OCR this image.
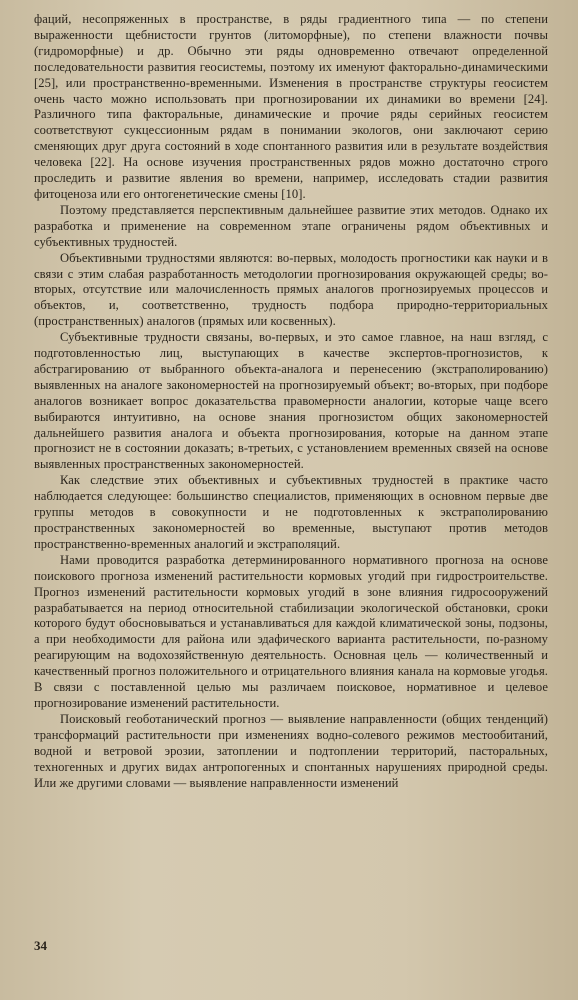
фаций, несопряженных в пространстве, в ряды градиентного типа — по степени выраженности щебнистости грунтов (литоморфные), по степени влажности почвы (гидроморфные) и др. Обычно эти ряды одновременно отвечают определенной последовательности развития геосистемы, поэтому их именуют факторально-динамическими [25], или пространственно-временными. Изменения в пространстве структуры геосистем очень часто можно использовать при прогнозировании их динамики во времени [24]. Различного типа факторальные, динамические и прочие ряды серийных геосистем соответствуют сукцессионным рядам в понимании экологов, они заключают серию сменяющих друг друга состояний в ходе спонтанного развития или в результате воздействия человека [22]. На основе изучения пространственных рядов можно достаточно строго проследить и развитие явления во времени, например, исследовать стадии развития фитоценоза или его онтогенетические смены [10].

Поэтому представляется перспективным дальнейшее развитие этих методов. Однако их разработка и применение на современном этапе ограничены рядом объективных и субъективных трудностей.

Объективными трудностями являются: во-первых, молодость прогностики как науки и в связи с этим слабая разработанность методологии прогнозирования окружающей среды; во-вторых, отсутствие или малочисленность прямых аналогов прогнозируемых процессов и объектов, и, соответственно, трудность подбора природно-территориальных (пространственных) аналогов (прямых или косвенных).

Субъективные трудности связаны, во-первых, и это самое главное, на наш взгляд, с подготовленностью лиц, выступающих в качестве экспертов-прогнозистов, к абстрагированию от выбранного объекта-аналога и перенесению (экстраполированию) выявленных на аналоге закономерностей на прогнозируемый объект; во-вторых, при подборе аналогов возникает вопрос доказательства правомерности аналогии, которые чаще всего выбираются интуитивно, на основе знания прогнозистом общих закономерностей дальнейшего развития аналога и объекта прогнозирования, которые на данном этапе прогнозист не в состоянии доказать; в-третьих, с установлением временных связей на основе выявленных пространственных закономерностей.

Как следствие этих объективных и субъективных трудностей в практике часто наблюдается следующее: большинство специалистов, применяющих в основном первые две группы методов в совокупности и не подготовленных к экстраполированию пространственных закономерностей во временные, выступают против методов пространственно-временных аналогий и экстраполяций.

Нами проводится разработка детерминированного нормативного прогноза на основе поискового прогноза изменений растительности кормовых угодий при гидростроительстве. Прогноз изменений растительности кормовых угодий в зоне влияния гидросооружений разрабатывается на период относительной стабилизации экологической обстановки, сроки которого будут обосновываться и устанавливаться для каждой климатической зоны, подзоны, а при необходимости для района или эдафического варианта растительности, по-разному реагирующим на водохозяйственную деятельность. Основная цель — количественный и качественный прогноз положительного и отрицательного влияния канала на кормовые угодья. В связи с поставленной целью мы различаем поисковое, нормативное и целевое прогнозирование изменений растительности.

Поисковый геоботанический прогноз — выявление направленности (общих тенденций) трансформаций растительности при изменениях водно-солевого режимов местообитаний, водной и ветровой эрозии, затоплении и подтоплении территорий, пасторальных, техногенных и других видах антропогенных и спонтанных нарушениях природной среды. Или же другими словами — выявление направленности изменений

34
